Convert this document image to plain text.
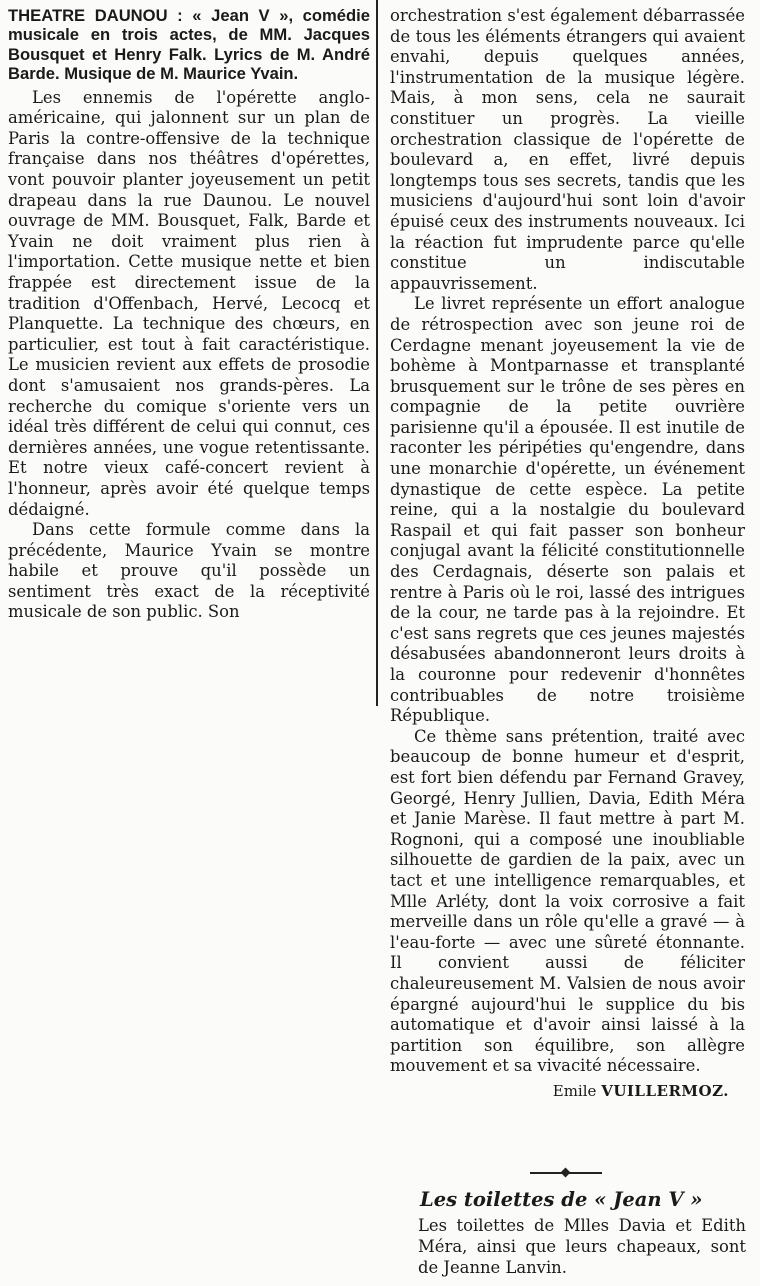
THEATRE DAUNOU : « Jean V », comédie musicale en trois actes, de MM. Jacques Bousquet et Henry Falk. Lyrics de M. André Barde. Musique de M. Maurice Yvain.

Les ennemis de l'opérette anglo-américaine, qui jalonnent sur un plan de Paris la contre-offensive de la technique française dans nos théâtres d'opérettes, vont pouvoir planter joyeusement un petit drapeau dans la rue Daunou. Le nouvel ouvrage de MM. Bousquet, Falk, Barde et Yvain ne doit vraiment plus rien à l'importation. Cette musique nette et bien frappée est directement issue de la tradition d'Offenbach, Hervé, Lecocq et Planquette. La technique des chœurs, en particulier, est tout à fait caractéristique. Le musicien revient aux effets de prosodie dont s'amusaient nos grands-pères. La recherche du comique s'oriente vers un idéal très différent de celui qui connut, ces dernières années, une vogue retentissante. Et notre vieux café-concert revient à l'honneur, après avoir été quelque temps dédaigné.

Dans cette formule comme dans la précédente, Maurice Yvain se montre habile et prouve qu'il possède un sentiment très exact de la réceptivité musicale de son public. Son

orchestration s'est également débarrassée de tous les éléments étrangers qui avaient envahi, depuis quelques années, l'instrumentation de la musique légère. Mais, à mon sens, cela ne saurait constituer un progrès. La vieille orchestration classique de l'opérette de boulevard a, en effet, livré depuis longtemps tous ses secrets, tandis que les musiciens d'aujourd'hui sont loin d'avoir épuisé ceux des instruments nouveaux. Ici la réaction fut imprudente parce qu'elle constitue un indiscutable appauvrissement.

Le livret représente un effort analogue de rétrospection avec son jeune roi de Cerdagne menant joyeusement la vie de bohème à Montparnasse et transplanté brusquement sur le trône de ses pères en compagnie de la petite ouvrière parisienne qu'il a épousée. Il est inutile de raconter les péripéties qu'engendre, dans une monarchie d'opérette, un événement dynastique de cette espèce. La petite reine, qui a la nostalgie du boulevard Raspail et qui fait passer son bonheur conjugal avant la félicité constitutionnelle des Cerdagnais, déserte son palais et rentre à Paris où le roi, lassé des intrigues de la cour, ne tarde pas à la rejoindre. Et c'est sans regrets que ces jeunes majestés désabusées abandonneront leurs droits à la couronne pour redevenir d'honnêtes contribuables de notre troisième République.

Ce thème sans prétention, traité avec beaucoup de bonne humeur et d'esprit, est fort bien défendu par Fernand Gravey, Georgé, Henry Jullien, Davia, Edith Méra et Janie Marèse. Il faut mettre à part M. Rognoni, qui a composé une inoubliable silhouette de gardien de la paix, avec un tact et une intelligence remarquables, et Mlle Arléty, dont la voix corrosive a fait merveille dans un rôle qu'elle a gravé — à l'eau-forte — avec une sûreté étonnante. Il convient aussi de féliciter chaleureusement M. Valsien de nous avoir épargné aujourd'hui le supplice du bis automatique et d'avoir ainsi laissé à la partition son équilibre, son allègre mouvement et sa vivacité nécessaire.

Emile VUILLERMOZ.
Les toilettes de « Jean V »
Les toilettes de Mlles Davia et Edith Méra, ainsi que leurs chapeaux, sont de Jeanne Lanvin.
